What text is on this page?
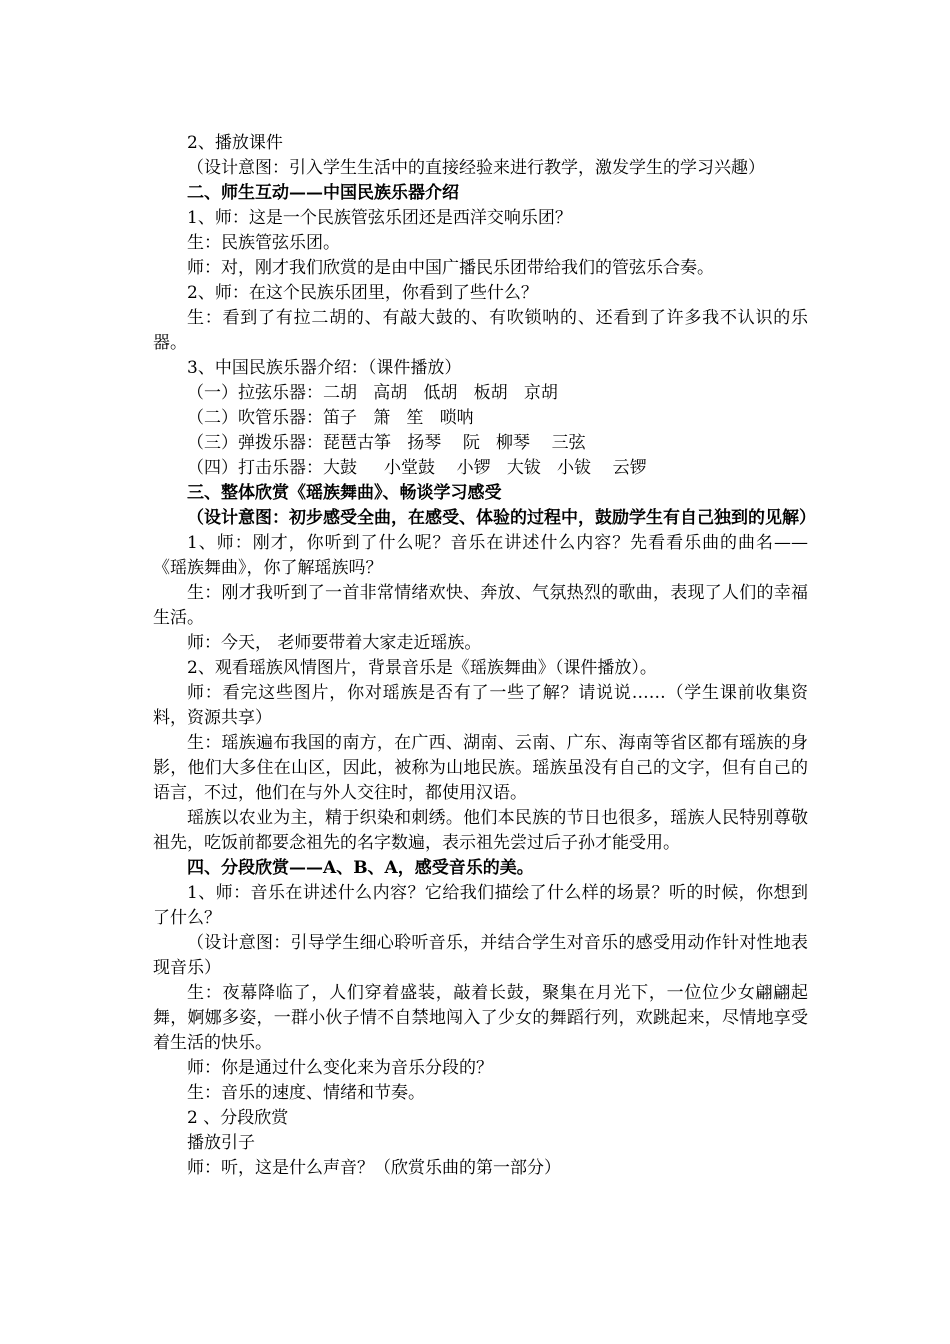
2、播放课件

（设计意图：引入学生生活中的直接经验来进行教学，激发学生的学习兴趣）

二、师生互动——中国民族乐器介绍

1、师：这是一个民族管弦乐团还是西洋交响乐团？

生：民族管弦乐团。

师：对，刚才我们欣赏的是由中国广播民乐团带给我们的管弦乐合奏。

2、师：在这个民族乐团里，你看到了些什么？

生：看到了有拉二胡的、有敲大鼓的、有吹锁呐的、还看到了许多我不认识的乐器。

3、中国民族乐器介绍：（课件播放）

（一）拉弦乐器：二胡   高胡   低胡   板胡   京胡

（二）吹管乐器：笛子   箫   笙   唢呐

（三）弹拨乐器：琵琶古筝   扬琴    阮   柳琴    三弦

（四）打击乐器：大鼓     小堂鼓    小锣   大钹   小钹    云锣

三、整体欣赏《瑶族舞曲》、畅谈学习感受

（设计意图：初步感受全曲，在感受、体验的过程中，鼓励学生有自己独到的见解）

1、师：刚才，你听到了什么呢？音乐在讲述什么内容？先看看乐曲的曲名——《瑶族舞曲》，你了解瑶族吗？

生：刚才我听到了一首非常情绪欢快、奔放、气氛热烈的歌曲，表现了人们的幸福生活。

师：今天， 老师要带着大家走近瑶族。

2、观看瑶族风情图片，背景音乐是《瑶族舞曲》（课件播放）。

师：看完这些图片，你对瑶族是否有了一些了解？请说说……（学生课前收集资料，资源共享）

生：瑶族遍布我国的南方，在广西、湖南、云南、广东、海南等省区都有瑶族的身影，他们大多住在山区，因此，被称为山地民族。瑶族虽没有自己的文字，但有自己的语言，不过，他们在与外人交往时，都使用汉语。

瑶族以农业为主，精于织染和刺绣。他们本民族的节日也很多，瑶族人民特别尊敬祖先，吃饭前都要念祖先的名字数遍，表示祖先尝过后子孙才能受用。

四、分段欣赏——A、B、A，感受音乐的美。

1、师：音乐在讲述什么内容？它给我们描绘了什么样的场景？听的时候，你想到了什么？

（设计意图：引导学生细心聆听音乐，并结合学生对音乐的感受用动作针对性地表现音乐）

生：夜幕降临了，人们穿着盛装，敲着长鼓，聚集在月光下，一位位少女翩翩起舞，婀娜多姿，一群小伙子情不自禁地闯入了少女的舞蹈行列，欢跳起来，尽情地享受着生活的快乐。

师：你是通过什么变化来为音乐分段的？

生：音乐的速度、情绪和节奏。

2 、分段欣赏

播放引子

师：听，这是什么声音？（欣赏乐曲的第一部分）
